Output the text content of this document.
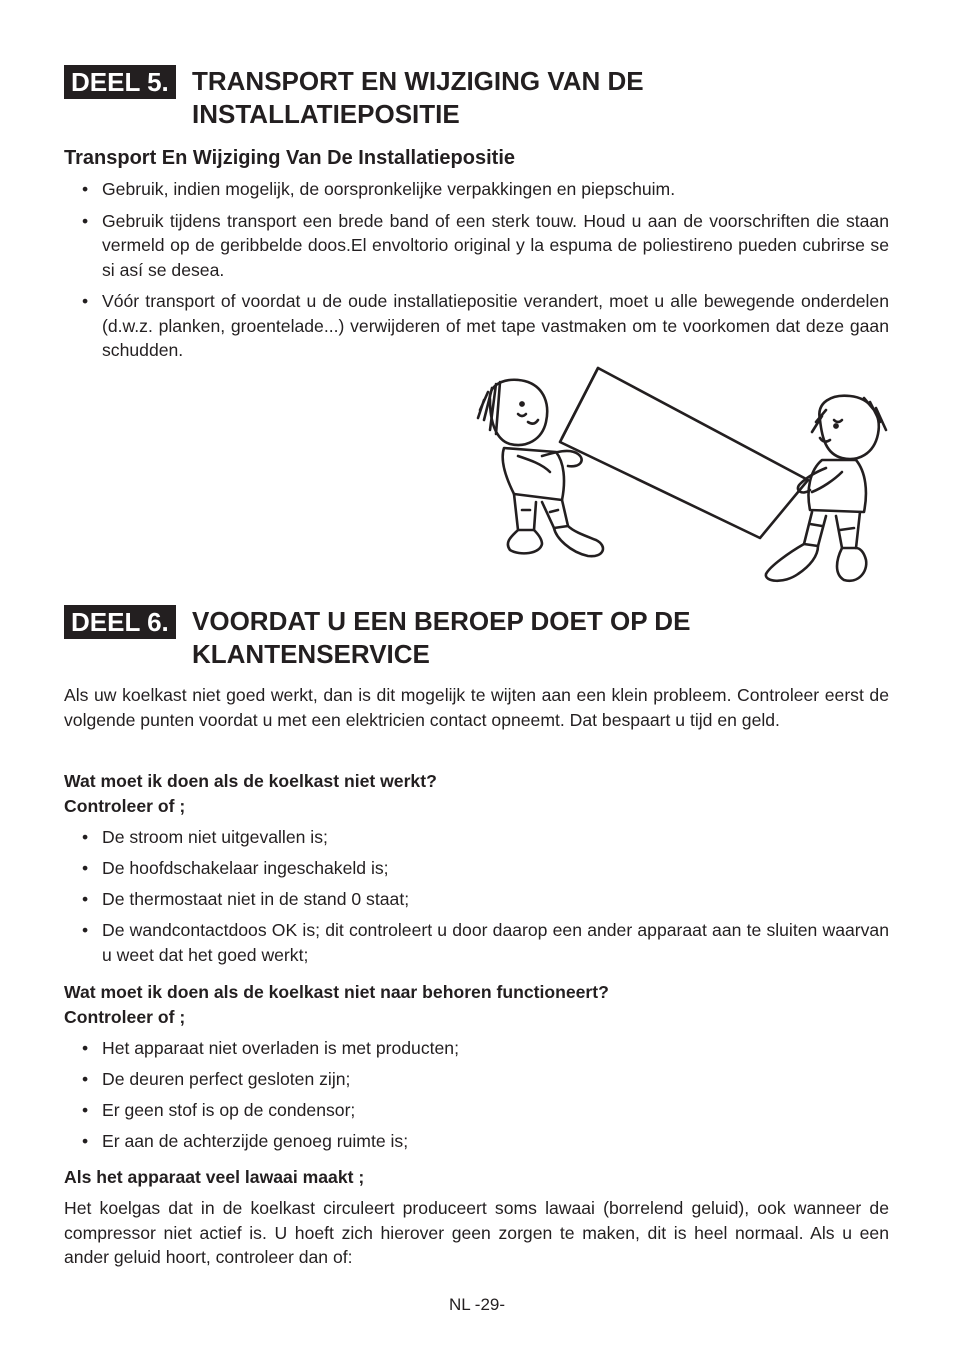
DEEL 5. TRANSPORT EN WIJZIGING VAN DE
INSTALLATIEPOSITIE
Transport En Wijziging Van De Installatiepositie
• Gebruik, indien mogelijk, de oorspronkelijke verpakkingen en piepschuim.
• Gebruik tijdens transport een brede band of een sterk touw. Houd u aan de voorschriften die staan vermeld op de geribbelde doos.El envoltorio original y la espuma de poliestireno pueden cubrirse se si así se desea.
• Vóór transport of voordat u de oude installatiepositie verandert, moet u alle bewegende onderdelen (d.w.z. planken, groentelade...) verwijderen of met tape vastmaken om te voorkomen dat deze gaan schudden.
DEEL 6. VOORDAT U EEN BEROEP DOET OP DE
KLANTENSERVICE
Als uw koelkast niet goed werkt, dan is dit mogelijk te wijten aan een klein probleem. Controleer eerst de volgende punten voordat u met een elektricien contact opneemt. Dat bespaart u tijd en geld.
Wat moet ik doen als de koelkast niet werkt?
Controleer of ;
• De stroom niet uitgevallen is;
• De hoofdschakelaar ingeschakeld is;
• De thermostaat niet in de stand 0 staat;
• De wandcontactdoos OK is; dit controleert u door daarop een ander apparaat aan te sluiten waarvan u weet dat het goed werkt;
Wat moet ik doen als de koelkast niet naar behoren functioneert?
Controleer of ;
• Het apparaat niet overladen is met producten;
• De deuren perfect gesloten zijn;
• Er geen stof is op de condensor;
• Er aan de achterzijde genoeg ruimte is;
Als het apparaat veel lawaai maakt ;
Het koelgas dat in de koelkast circuleert produceert soms lawaai (borrelend geluid), ook wanneer de compressor niet actief is. U hoeft zich hierover geen zorgen te maken, dit is heel normaal. Als u een ander geluid hoort, controleer dan of:
NL -29-
